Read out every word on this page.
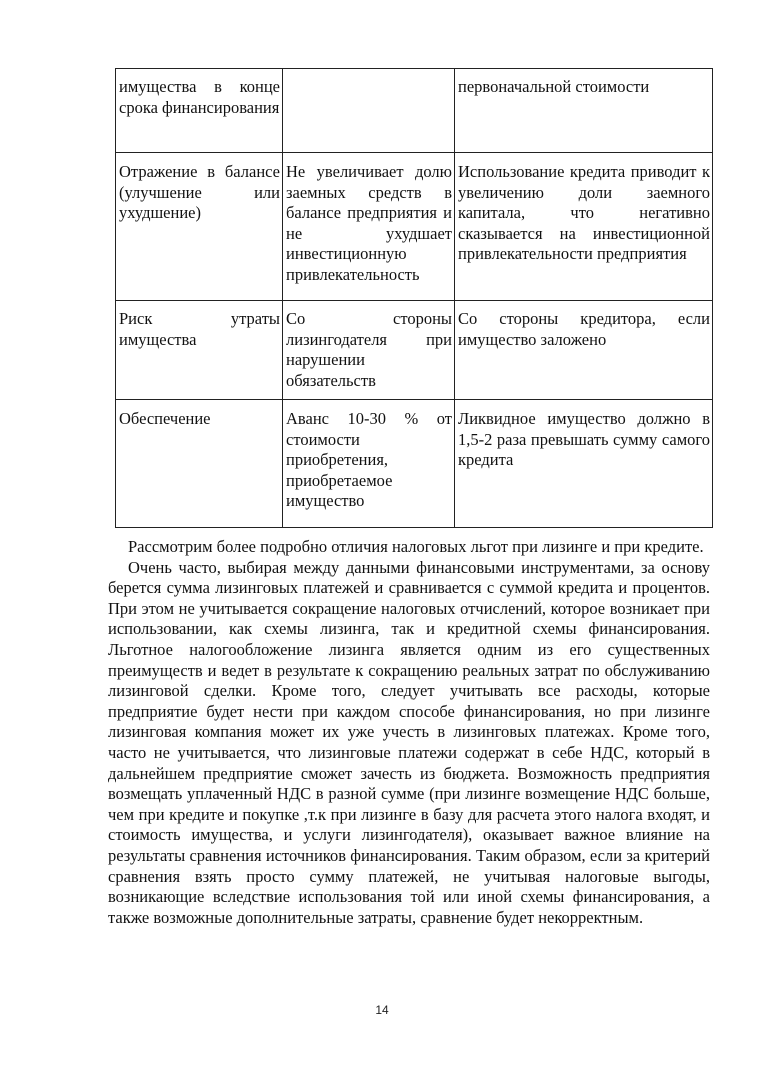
имущества в конце срока финансирования		первоначальной стоимости
Отражение в балансе (улучшение или ухудшение)	Не увеличивает долю заемных средств в балансе предприятия и не ухудшает инвестиционную привлекательность	Использование кредита приводит к увеличению доли заемного капитала, что негативно сказывается на инвестиционной привлекательности предприятия
Риск утраты имущества	Со стороны лизингодателя при нарушении обязательств	Со стороны кредитора, если имущество заложено
Обеспечение	Аванс 10-30 % от стоимости приобретения, приобретаемое имущество	Ликвидное имущество должно в 1,5-2 раза превышать сумму самого кредита

Рассмотрим более подробно отличия налоговых льгот при лизинге и при кредите.

Очень часто, выбирая между данными финансовыми инструментами, за основу берется сумма лизинговых платежей и сравнивается с суммой кредита и процентов. При этом не учитывается сокращение налоговых отчислений, которое возникает при использовании, как схемы лизинга, так и кредитной схемы финансирования. Льготное налогообложение лизинга является одним из его существенных преимуществ и ведет в результате к сокращению реальных затрат по обслуживанию лизинговой сделки. Кроме того, следует учитывать все расходы, которые предприятие будет нести при каждом способе финансирования, но при лизинге лизинговая компания может их уже учесть в лизинговых платежах. Кроме того, часто не учитывается, что лизинговые платежи содержат в себе НДС, который в дальнейшем предприятие сможет зачесть из бюджета. Возможность предприятия возмещать уплаченный НДС в разной сумме (при лизинге возмещение НДС больше, чем при кредите и покупке ,т.к при лизинге в базу для расчета этого налога входят, и стоимость имущества, и услуги лизингодателя), оказывает важное влияние на результаты сравнения источников финансирования. Таким образом, если за критерий сравнения взять просто сумму платежей, не учитывая налоговые выгоды, возникающие вследствие использования той или иной схемы финансирования, а также возможные дополнительные затраты, сравнение будет некорректным.

14
